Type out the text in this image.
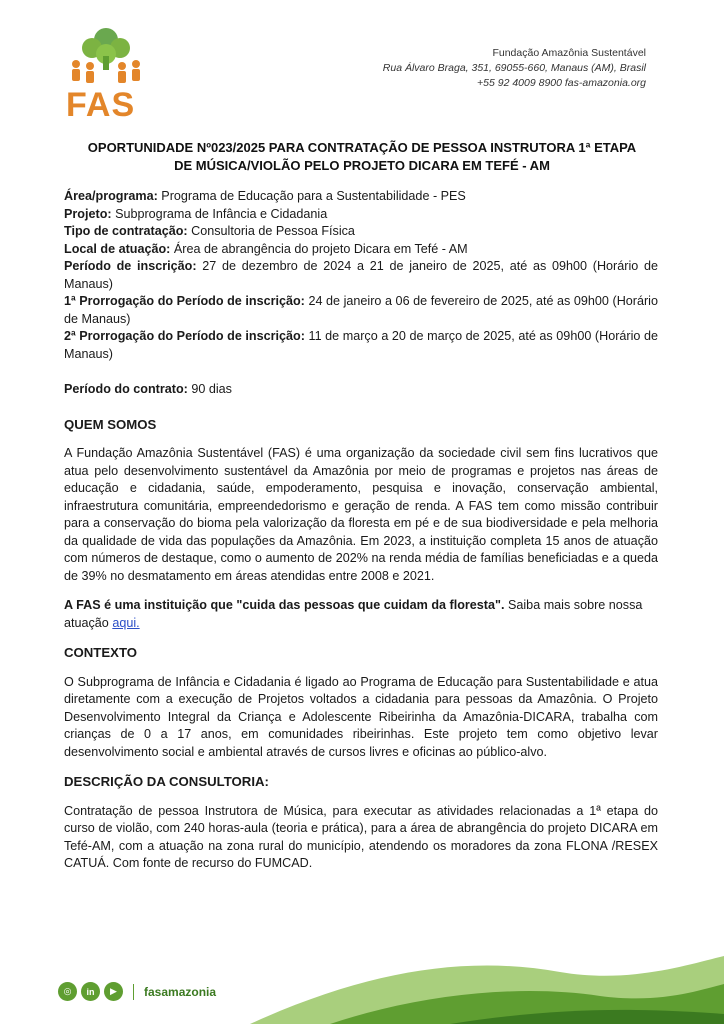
FAS
Fundação Amazônia Sustentável
Rua Álvaro Braga, 351, 69055-660, Manaus (AM), Brasil
+55 92 4009 8900 fas-amazonia.org
OPORTUNIDADE Nº023/2025 PARA CONTRATAÇÃO DE PESSOA INSTRUTORA 1ª ETAPA
DE MÚSICA/VIOLÃO PELO PROJETO DICARA EM TEFÉ - AM

Área/programa: Programa de Educação para a Sustentabilidade - PES

Projeto: Subprograma de Infância e Cidadania

Tipo de contratação: Consultoria de Pessoa Física

Local de atuação: Área de abrangência do projeto Dicara em Tefé - AM

Período de inscrição: 27 de dezembro de 2024 a 21 de janeiro de 2025, até as 09h00 (Horário de Manaus)

1ª Prorrogação do Período de inscrição: 24 de janeiro a 06 de fevereiro de 2025, até as 09h00 (Horário de Manaus)

2ª Prorrogação do Período de inscrição: 11 de março a 20 de março de 2025, até as 09h00 (Horário de Manaus)

Período do contrato: 90 dias

QUEM SOMOS

A Fundação Amazônia Sustentável (FAS) é uma organização da sociedade civil sem fins lucrativos que atua pelo desenvolvimento sustentável da Amazônia por meio de programas e projetos nas áreas de educação e cidadania, saúde, empoderamento, pesquisa e inovação, conservação ambiental, infraestrutura comunitária, empreendedorismo e geração de renda. A FAS tem como missão contribuir para a conservação do bioma pela valorização da floresta em pé e de sua biodiversidade e pela melhoria da qualidade de vida das populações da Amazônia. Em 2023, a instituição completa 15 anos de atuação com números de destaque, como o aumento de 202% na renda média de famílias beneficiadas e a queda de 39% no desmatamento em áreas atendidas entre 2008 e 2021.

A FAS é uma instituição que "cuida das pessoas que cuidam da floresta". Saiba mais sobre nossa atuação aqui.

CONTEXTO

O Subprograma de Infância e Cidadania é ligado ao Programa de Educação para Sustentabilidade e atua diretamente com a execução de Projetos voltados a cidadania para pessoas da Amazônia. O Projeto Desenvolvimento Integral da Criança e Adolescente Ribeirinha da Amazônia-DICARA, trabalha com crianças de 0 a 17 anos, em comunidades ribeirinhas. Este projeto tem como objetivo levar desenvolvimento social e ambiental através de cursos livres e oficinas ao público-alvo.

DESCRIÇÃO DA CONSULTORIA:

Contratação de pessoa Instrutora de Música, para executar as atividades relacionadas a 1ª etapa do curso de violão, com 240 horas-aula (teoria e prática), para a área de abrangência do projeto DICARA em Tefé-AM, com a atuação na zona rural do município, atendendo os moradores da zona FLONA /RESEX CATUÁ. Com fonte de recurso do FUMCAD.

◎	in	▶	fasamazonia
